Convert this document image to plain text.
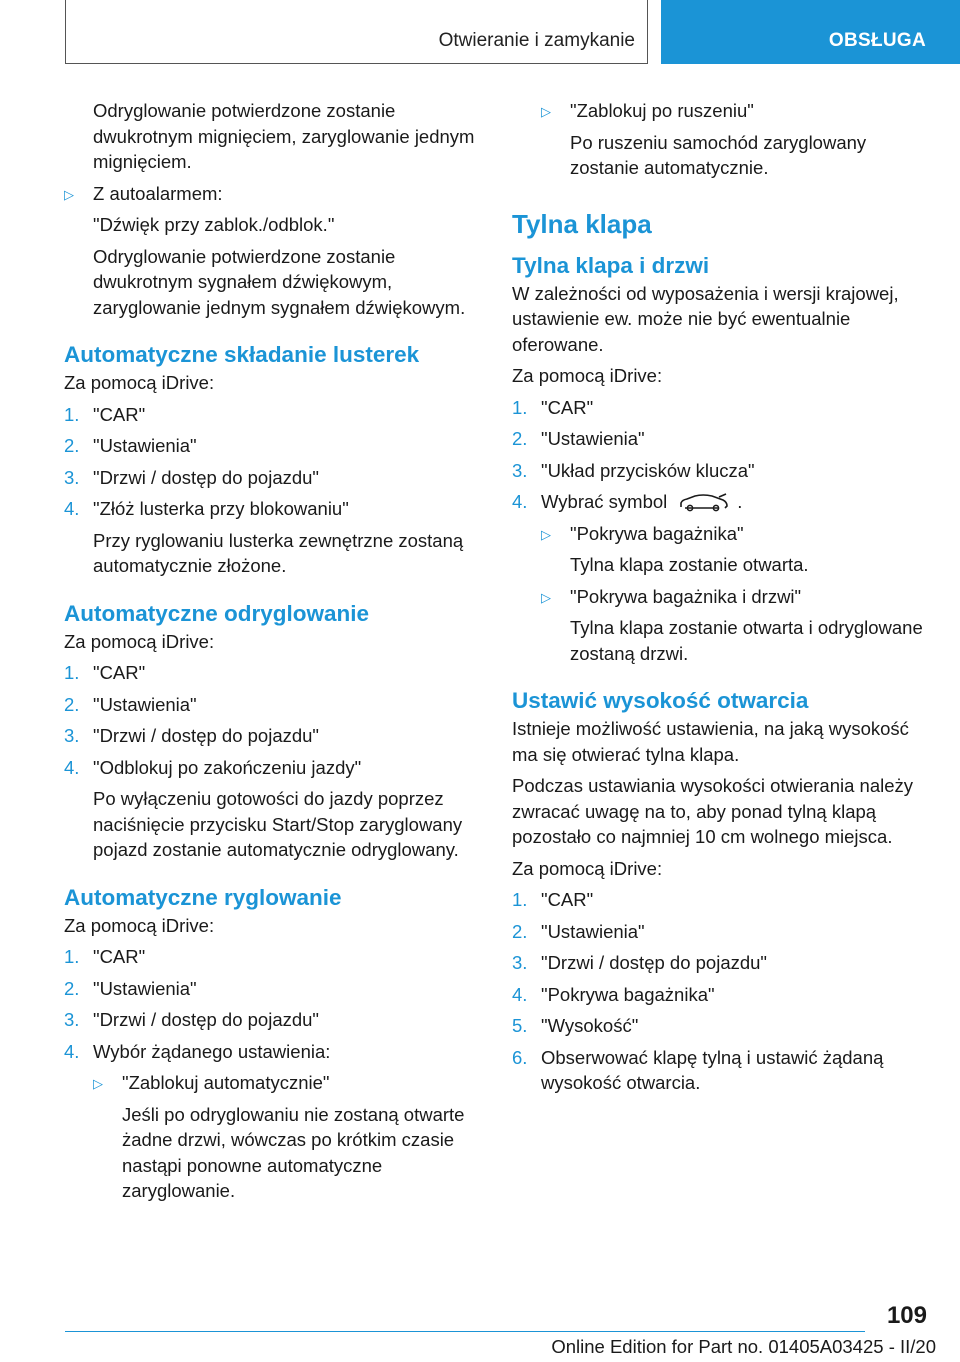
Otwieranie i zamykanie	OBSŁUGA

Odryglowanie potwierdzone zostanie dwukrotnym mignięciem, zaryglowanie jednym mignięciem.

▷	Z autoalarmem:

"Dźwięk przy zablok./odblok."

Odryglowanie potwierdzone zostanie dwukrotnym sygnałem dźwiękowym, zaryglowanie jednym sygnałem dźwiękowym.

Automatyczne składanie lusterek

Za pomocą iDrive:

1. "CAR"

2. "Ustawienia"

3. "Drzwi / dostęp do pojazdu"

4. "Złóż lusterka przy blokowaniu"

Przy ryglowaniu lusterka zewnętrzne zostaną automatycznie złożone.

Automatyczne odryglowanie

Za pomocą iDrive:

1. "CAR"

2. "Ustawienia"

3. "Drzwi / dostęp do pojazdu"

4. "Odblokuj po zakończeniu jazdy"

Po wyłączeniu gotowości do jazdy poprzez naciśnięcie przycisku Start/Stop zaryglowany pojazd zostanie automatycznie odryglowany.

Automatyczne ryglowanie

Za pomocą iDrive:

1. "CAR"

2. "Ustawienia"

3. "Drzwi / dostęp do pojazdu"

4. Wybór żądanego ustawienia:

▷	"Zablokuj automatycznie"

Jeśli po odryglowaniu nie zostaną otwarte żadne drzwi, wówczas po krótkim czasie nastąpi ponowne automatyczne zaryglowanie.

▷	"Zablokuj po ruszeniu"

Po ruszeniu samochód zaryglowany zostanie automatycznie.

Tylna klapa
Tylna klapa i drzwi

W zależności od wyposażenia i wersji krajowej, ustawienie ew. może nie być ewentualnie oferowane.

Za pomocą iDrive:

1. "CAR"

2. "Ustawienia"

3. "Układ przycisków klucza"

4. Wybrać symbol	.

▷	"Pokrywa bagażnika"

Tylna klapa zostanie otwarta.

▷	"Pokrywa bagażnika i drzwi"

Tylna klapa zostanie otwarta i odryglowane zostaną drzwi.

Ustawić wysokość otwarcia

Istnieje możliwość ustawienia, na jaką wysokość ma się otwierać tylna klapa.

Podczas ustawiania wysokości otwierania należy zwracać uwagę na to, aby ponad tylną klapą pozostało co najmniej 10 cm wolnego miejsca.

Za pomocą iDrive:

1. "CAR"

2. "Ustawienia"

3. "Drzwi / dostęp do pojazdu"

4. "Pokrywa bagażnika"

5. "Wysokość"

6. Obserwować klapę tylną i ustawić żądaną wysokość otwarcia.

109
Online Edition for Part no. 01405A03425 - II/20
